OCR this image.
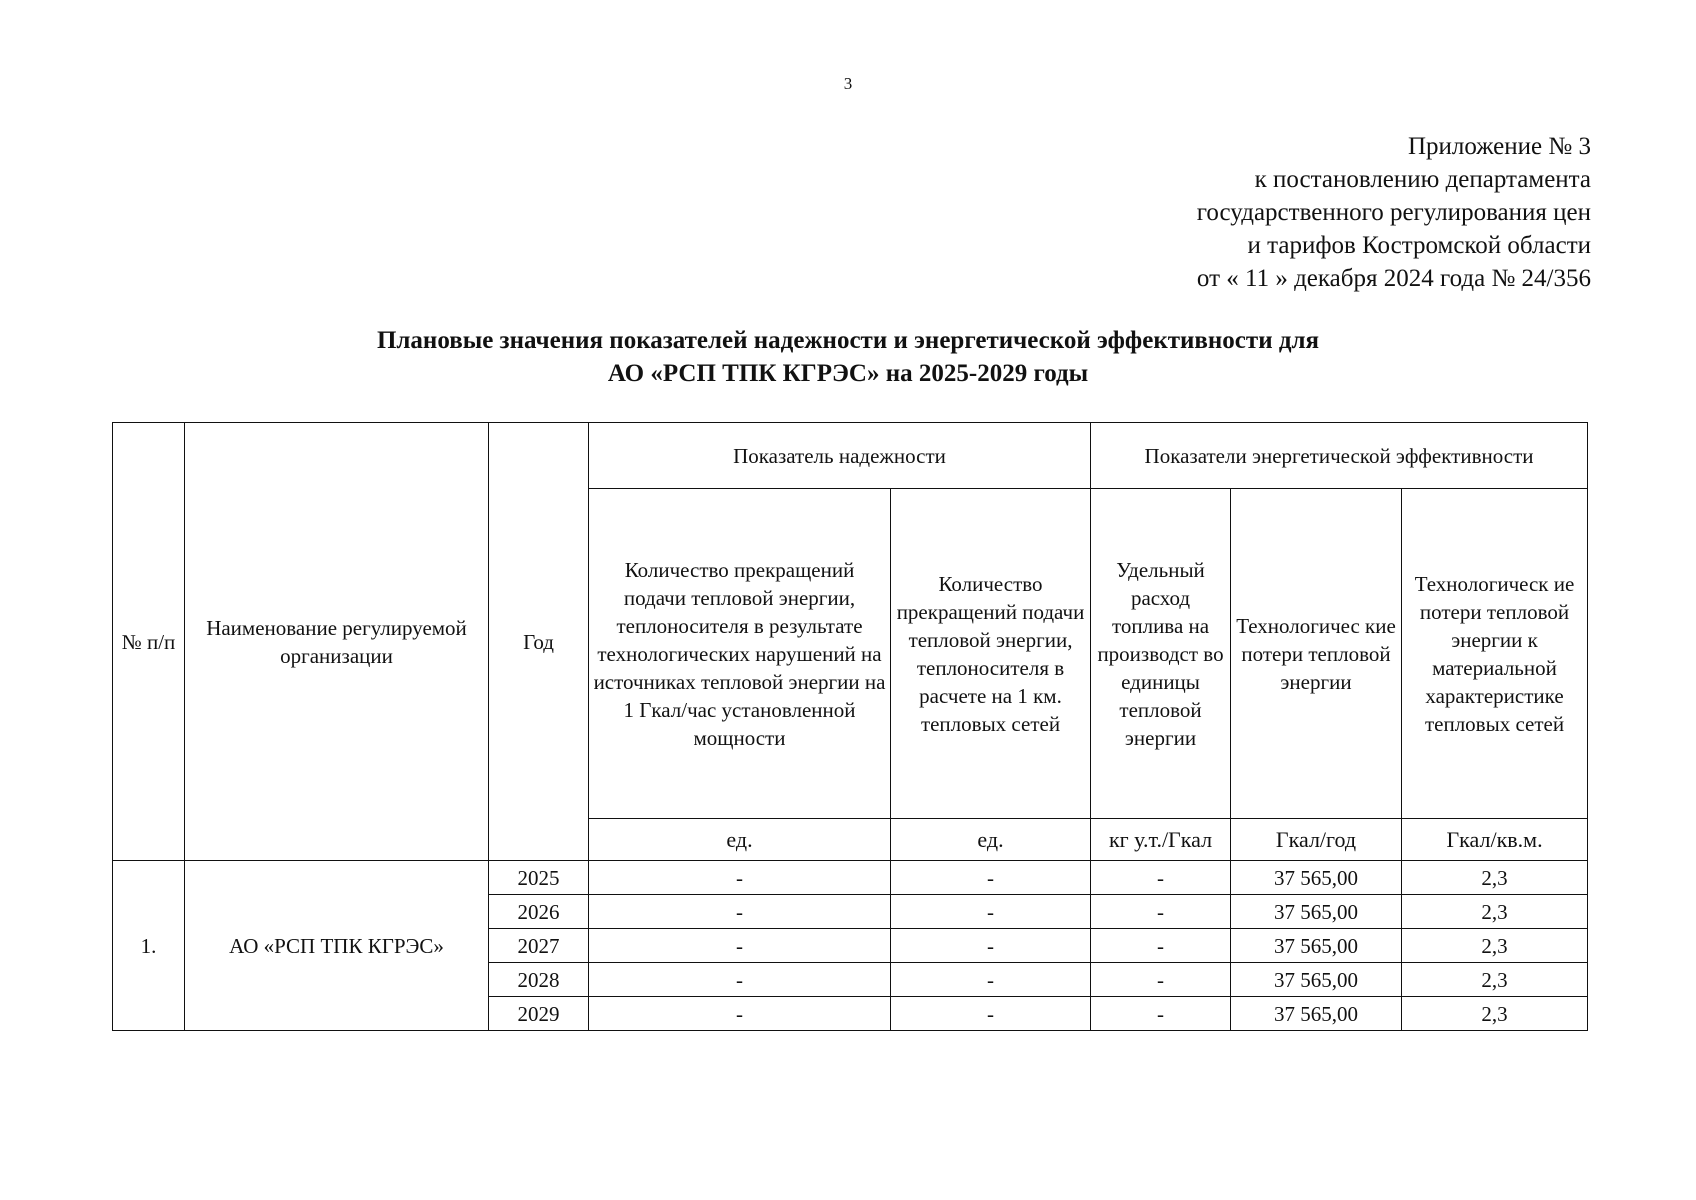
3
Приложение № 3
к постановлению департамента
государственного регулирования цен
и тарифов Костромской области
от « 11 » декабря 2024 года № 24/356
Плановые значения показателей надежности и энергетической эффективности для
АО «РСП ТПК КГРЭС» на 2025-2029 годы
№ п/п	Наименование регулируемой организации	Год	Показатель надежности		Показатели энергетической эффективности		
			Количество прекращений подачи тепловой энергии, теплоносителя в результате технологических нарушений на источниках тепловой энергии на 1 Гкал/час установленной мощности	Количество прекращений подачи тепловой энергии, теплоносителя в расчете на 1 км. тепловых сетей	Удельный расход топлива на производст во единицы тепловой энергии	Технологичес кие потери тепловой энергии	Технологическ ие потери тепловой энергии к материальной характеристике тепловых сетей
			ед.	ед.	кг у.т./Гкал	Гкал/год	Гкал/кв.м.
1.	АО «РСП ТПК КГРЭС»	2025	-	-	-	37 565,00	2,3
		2026	-	-	-	37 565,00	2,3
		2027	-	-	-	37 565,00	2,3
		2028	-	-	-	37 565,00	2,3
		2029	-	-	-	37 565,00	2,3
